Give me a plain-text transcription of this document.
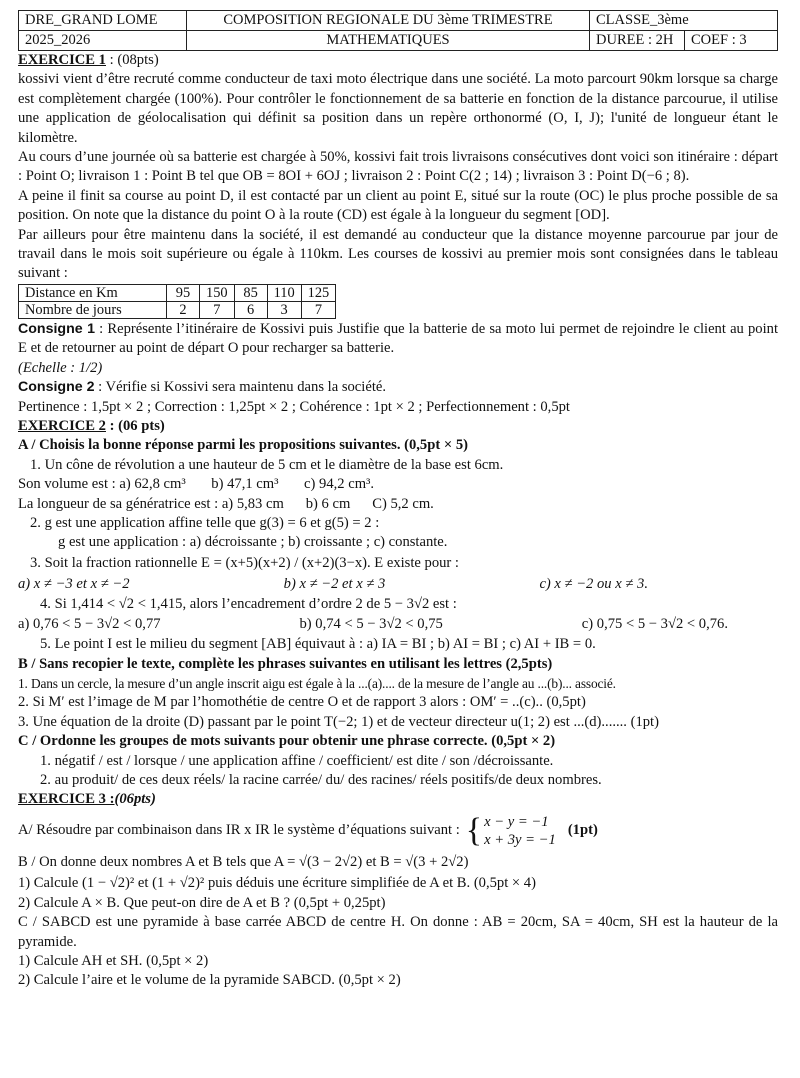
DRE_GRAND LOME	COMPOSITION REGIONALE DU 3ème TRIMESTRE	CLASSE_3ème	
2025_2026	MATHEMATIQUES	DUREE : 2H	COEF : 3

EXERCICE 1 : (08pts)

kossivi vient d’être recruté comme conducteur de taxi moto électrique dans une société. La moto parcourt 90km lorsque sa charge est complètement chargée (100%). Pour contrôler le fonctionnement de sa batterie en fonction de la distance parcourue, il utilise une application de géolocalisation qui définit sa position dans un repère orthonormé (O, I, J); l'unité de longueur étant le kilomètre.

Au cours d’une journée où sa batterie est chargée à 50%, kossivi fait trois livraisons consécutives dont voici son itinéraire : départ : Point O; livraison 1 : Point B tel que OB = 8OI + 6OJ ; livraison 2 : Point C(2 ; 14) ; livraison 3 : Point D(−6 ; 8).

A peine il finit sa course au point D, il est contacté par un client au point E, situé sur la route (OC) le plus proche possible de sa position. On note que la distance du point O à la route (CD) est égale à la longueur du segment [OD].

Par ailleurs pour être maintenu dans la société, il est demandé au conducteur que la distance moyenne parcourue par jour de travail dans le mois soit supérieure ou égale à 110km. Les courses de kossivi au premier mois sont consignées dans le tableau suivant :

Distance en Km	95	150	85	110	125
Nombre de jours	2	7	6	3	7

Consigne 1 : Représente l’itinéraire de Kossivi puis Justifie que la batterie de sa moto lui permet de rejoindre le client au point E et de retourner au point de départ O pour recharger sa batterie.

(Echelle : 1/2)

Consigne 2 : Vérifie si Kossivi sera maintenu dans la société.

Pertinence : 1,5pt × 2 ; Correction : 1,25pt × 2 ; Cohérence : 1pt × 2 ; Perfectionnement : 0,5pt

EXERCICE 2 : (06 pts)

A / Choisis la bonne réponse parmi les propositions suivantes. (0,5pt × 5)

1. Un cône de révolution a une hauteur de 5 cm et le diamètre de la base est 6cm.

Son volume est : a) 62,8 cm³ b) 47,1 cm³ c) 94,2 cm³.

La longueur de sa génératrice est : a) 5,83 cm b) 6 cm C) 5,2 cm.

2. g est une application affine telle que g(3) = 6 et g(5) = 2 :

g est une application : a) décroissante ; b) croissante ; c) constante.

3. Soit la fraction rationnelle E = (x+5)(x+2) / (x+2)(3−x). E existe pour :

a) x ≠ −3 et x ≠ −2	b) x ≠ −2 et x ≠ 3	c) x ≠ −2 ou x ≠ 3.

4. Si 1,414 < √2 < 1,415, alors l’encadrement d’ordre 2 de 5 − 3√2 est :

a) 0,76 < 5 − 3√2 < 0,77	b) 0,74 < 5 − 3√2 < 0,75	c) 0,75 < 5 − 3√2 < 0,76.

5. Le point I est le milieu du segment [AB] équivaut à : a) IA = BI ; b) AI = BI ; c) AI + IB = 0.

B / Sans recopier le texte, complète les phrases suivantes en utilisant les lettres (2,5pts)

1. Dans un cercle, la mesure d’un angle inscrit aigu est égale à la ...(a).... de la mesure de l’angle au ...(b)... associé.

2. Si M′ est l’image de M par l’homothétie de centre O et de rapport 3 alors : OM′ = ..(c).. (0,5pt)

3. Une équation de la droite (D) passant par le point T(−2; 1) et de vecteur directeur u(1; 2) est ...(d)....... (1pt)

C / Ordonne les groupes de mots suivants pour obtenir une phrase correcte. (0,5pt × 2)

1. négatif / est / lorsque / une application affine / coefficient/ est dite / son /décroissante.

2. au produit/ de ces deux réels/ la racine carrée/ du/ des racines/ réels positifs/de deux nombres.

EXERCICE 3 :(06pts)

A/ Résoudre par combinaison dans IR x IR le système d’équations suivant : { x − y = −1
x + 3y = −1
(1pt)

B / On donne deux nombres A et B tels que A = √(3 − 2√2) et B = √(3 + 2√2)

1) Calcule (1 − √2)² et (1 + √2)² puis déduis une écriture simplifiée de A et B. (0,5pt × 4)

2) Calcule A × B. Que peut-on dire de A et B ? (0,5pt + 0,25pt)

C / SABCD est une pyramide à base carrée ABCD de centre H. On donne : AB = 20cm, SA = 40cm, SH est la hauteur de la pyramide.

1) Calcule AH et SH. (0,5pt × 2)

2) Calcule l’aire et le volume de la pyramide SABCD. (0,5pt × 2)
